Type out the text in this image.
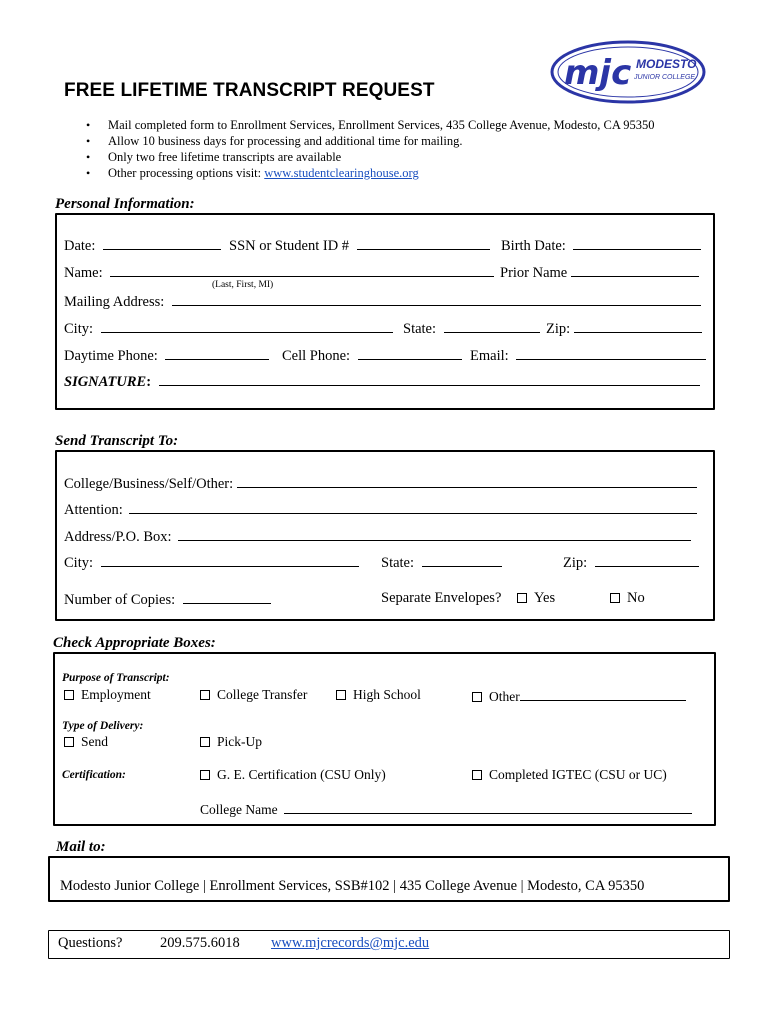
mjc MODESTO
JUNIOR COLLEGE
FREE LIFETIME TRANSCRIPT REQUEST
• Mail completed form to Enrollment Services, Enrollment Services, 435 College Avenue, Modesto, CA 95350
• Allow 10 business days for processing and additional time for mailing.
• Only two free lifetime transcripts are available
• Other processing options visit: www.studentclearinghouse.org
Personal Information:
Date:	SSN or Student ID #	Birth Date:
Name:	Prior Name
(Last, First, MI)
Mailing Address:
City:	State:	Zip:
Daytime Phone:	Cell Phone:	Email:
SIGNATURE:
Send Transcript To:
College/Business/Self/Other:
Attention:
Address/P.O. Box:
City:	State:	Zip:
Number of Copies:	Separate Envelopes?	Yes	No
Check Appropriate Boxes:
Purpose of Transcript:
Employment	College Transfer	High School	Other
Type of Delivery:
Send	Pick-Up
Certification:	G. E. Certification (CSU Only)	Completed IGTEC (CSU or UC)
College Name
Mail to:
Modesto Junior College | Enrollment Services, SSB#102 | 435 College Avenue | Modesto, CA 95350
Questions?	209.575.6018 www.mjcrecords@mjc.edu
